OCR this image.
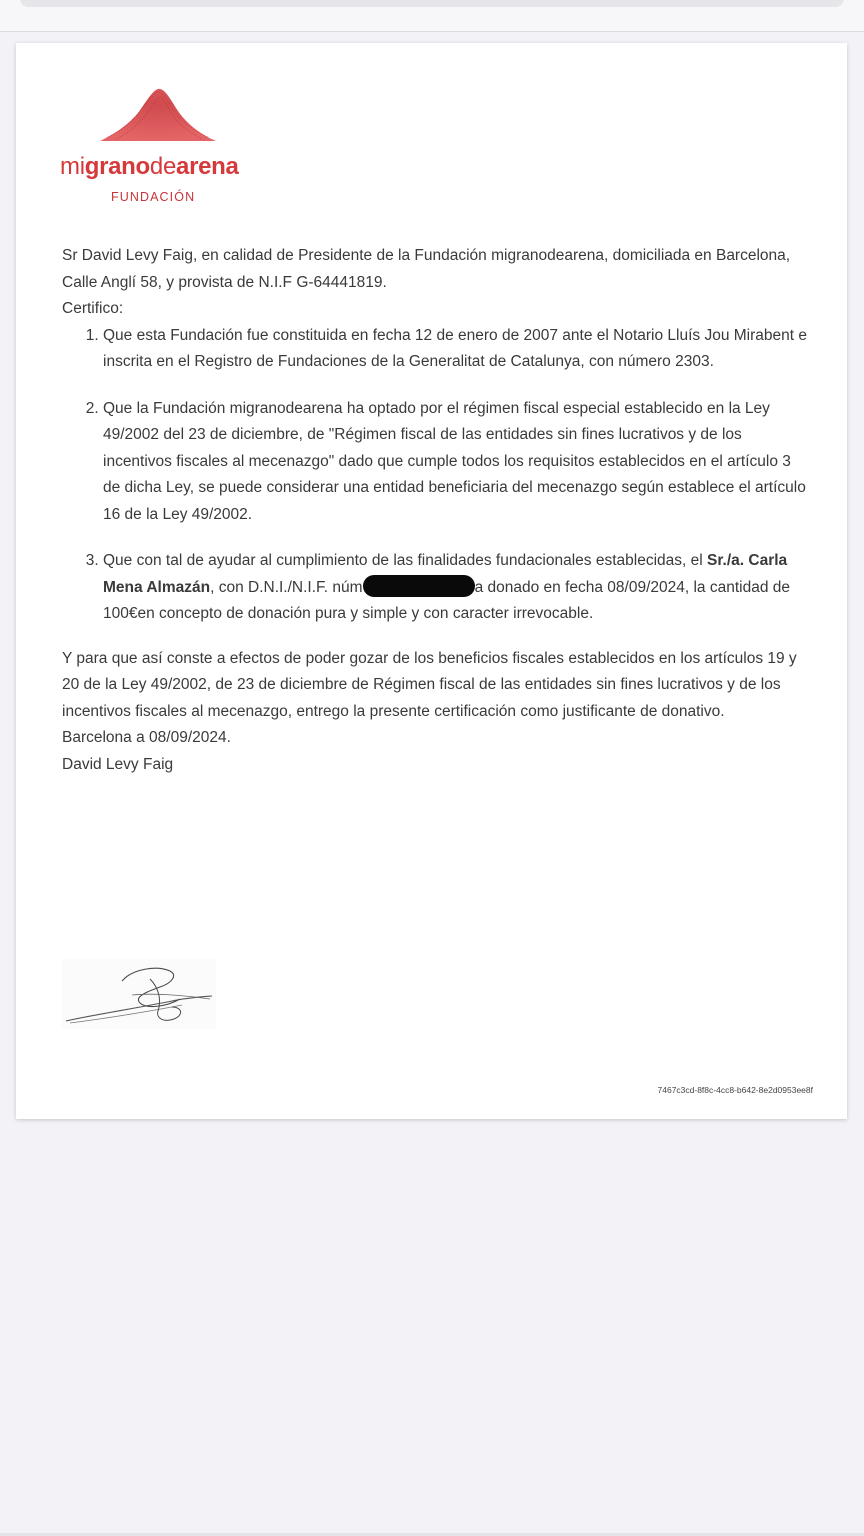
migranodearena
FUNDACIÓN

Sr David Levy Faig, en calidad de Presidente de la Fundación migranodearena, domiciliada en Barcelona, Calle Anglí 58, y provista de N.I.F G-64441819.

Certifico:

1. Que esta Fundación fue constituida en fecha 12 de enero de 2007 ante el Notario Lluís Jou Mirabent e inscrita en el Registro de Fundaciones de la Generalitat de Catalunya, con número 2303.
2. Que la Fundación migranodearena ha optado por el régimen fiscal especial establecido en la Ley 49/2002 del 23 de diciembre, de "Régimen fiscal de las entidades sin fines lucrativos y de los incentivos fiscales al mecenazgo" dado que cumple todos los requisitos establecidos en el artículo 3 de dicha Ley, se puede considerar una entidad beneficiaria del mecenazgo según establece el artículo 16 de la Ley 49/2002.
3. Que con tal de ayudar al cumplimiento de las finalidades fundacionales establecidas, el Sr./a. Carla Mena Almazán, con D.N.I./N.I.F. núm	a donado en fecha 08/09/2024, la cantidad de 100€en concepto de donación pura y simple y con caracter irrevocable.

Y para que así conste a efectos de poder gozar de los beneficios fiscales establecidos en los artículos 19 y 20 de la Ley 49/2002, de 23 de diciembre de Régimen fiscal de las entidades sin fines lucrativos y de los incentivos fiscales al mecenazgo, entrego la presente certificación como justificante de donativo.

Barcelona a 08/09/2024.

David Levy Faig

7467c3cd-8f8c-4cc8-b642-8e2d0953ee8f
